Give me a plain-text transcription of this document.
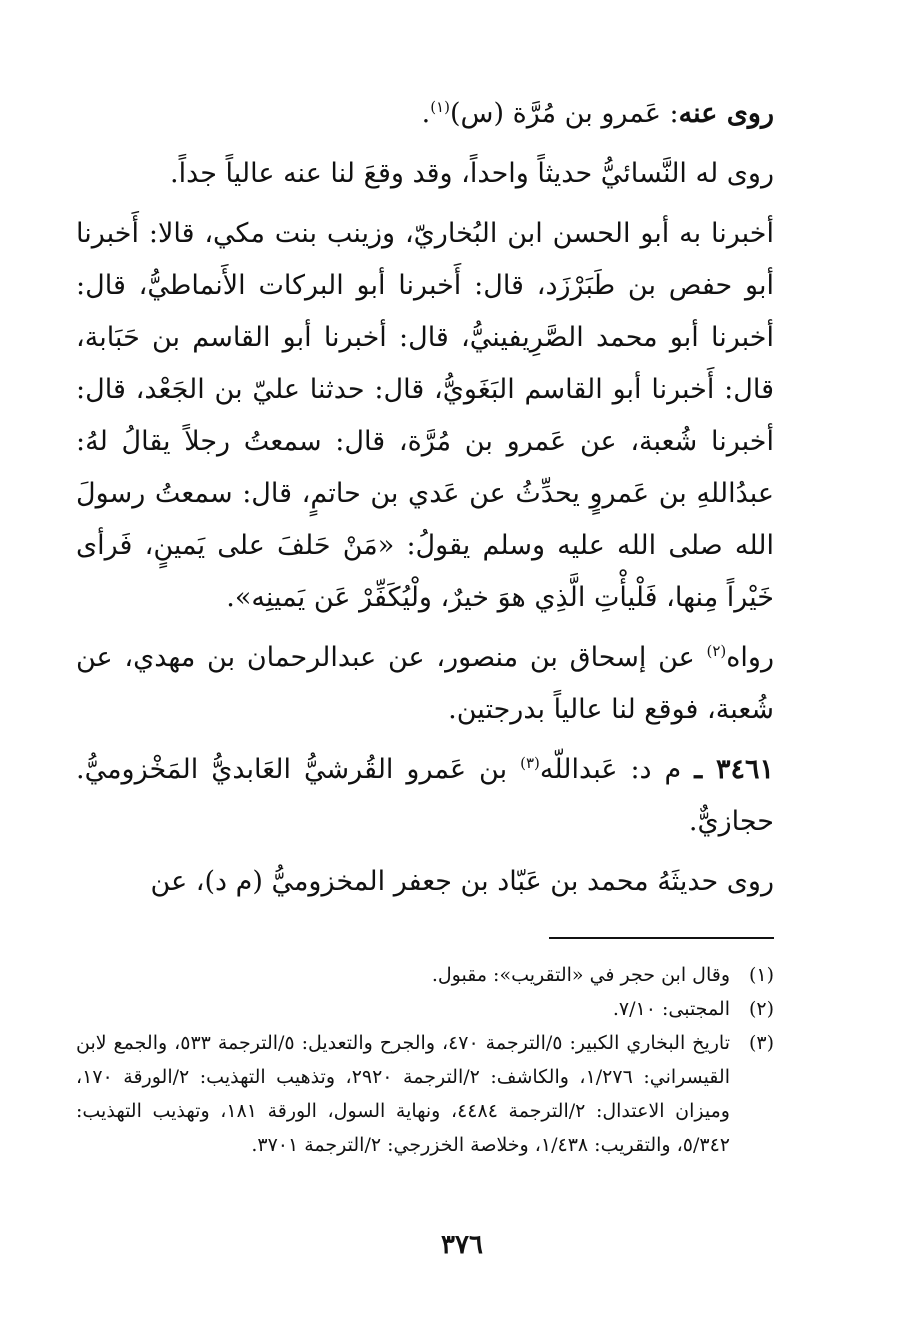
روى عنه: عَمرو بن مُرَّة (س)$^{(١)}$.

روى له النَّسائيُّ حديثاً واحداً، وقد وقعَ لنا عنه عالياً جداً.

أخبرنا به أبو الحسن ابن البُخاريّ، وزينب بنت مكي، قالا: أَخبرنا أبو حفص بن طَبَرْزَد، قال: أَخبرنا أبو البركات الأَنماطيُّ، قال: أخبرنا أبو محمد الصَّرِيفينيُّ، قال: أخبرنا أبو القاسم بن حَبَابة، قال: أَخبرنا أبو القاسم البَغَويُّ، قال: حدثنا عليّ بن الجَعْد، قال: أخبرنا شُعبة، عن عَمرو بن مُرَّة، قال: سمعتُ رجلاً يقالُ لهُ: عبدُاللهِ بن عَمروٍ يحدِّثُ عن عَدي بن حاتمٍ، قال: سمعتُ رسولَ الله صلى الله عليه وسلم يقولُ: «مَنْ حَلفَ على يَمينٍ، فَرأى خَيْراً مِنها، فَلْيأْتِ الَّذِي هوَ خيرٌ، ولْيُكَفِّرْ عَن يَمينِه».

رواه$^{(٢)}$ عن إسحاق بن منصور، عن عبدالرحمان بن مهدي، عن شُعبة، فوقع لنا عالياً بدرجتين.

٣٤٦١ ـ م د: عَبداللّه$^{(٣)}$ بن عَمرو القُرشيُّ العَابديُّ المَخْزوميُّ. حجازيٌّ.

روى حديثَهُ محمد بن عَبّاد بن جعفر المخزوميُّ (م د)، عن

(١)
وقال ابن حجر في «التقريب»: مقبول.
(٢)
المجتبى: ٧/١٠.
(٣)
تاريخ البخاري الكبير: ٥/الترجمة ٤٧٠، والجرح والتعديل: ٥/الترجمة ٥٣٣، والجمع لابن القيسراني: ١/٢٧٦، والكاشف: ٢/الترجمة ٢٩٢٠، وتذهيب التهذيب: ٢/الورقة ١٧٠، وميزان الاعتدال: ٢/الترجمة ٤٤٨٤، ونهاية السول، الورقة ١٨١، وتهذيب التهذيب: ٥/٣٤٢، والتقريب: ١/٤٣٨، وخلاصة الخزرجي: ٢/الترجمة ٣٧٠١.
٣٧٦
